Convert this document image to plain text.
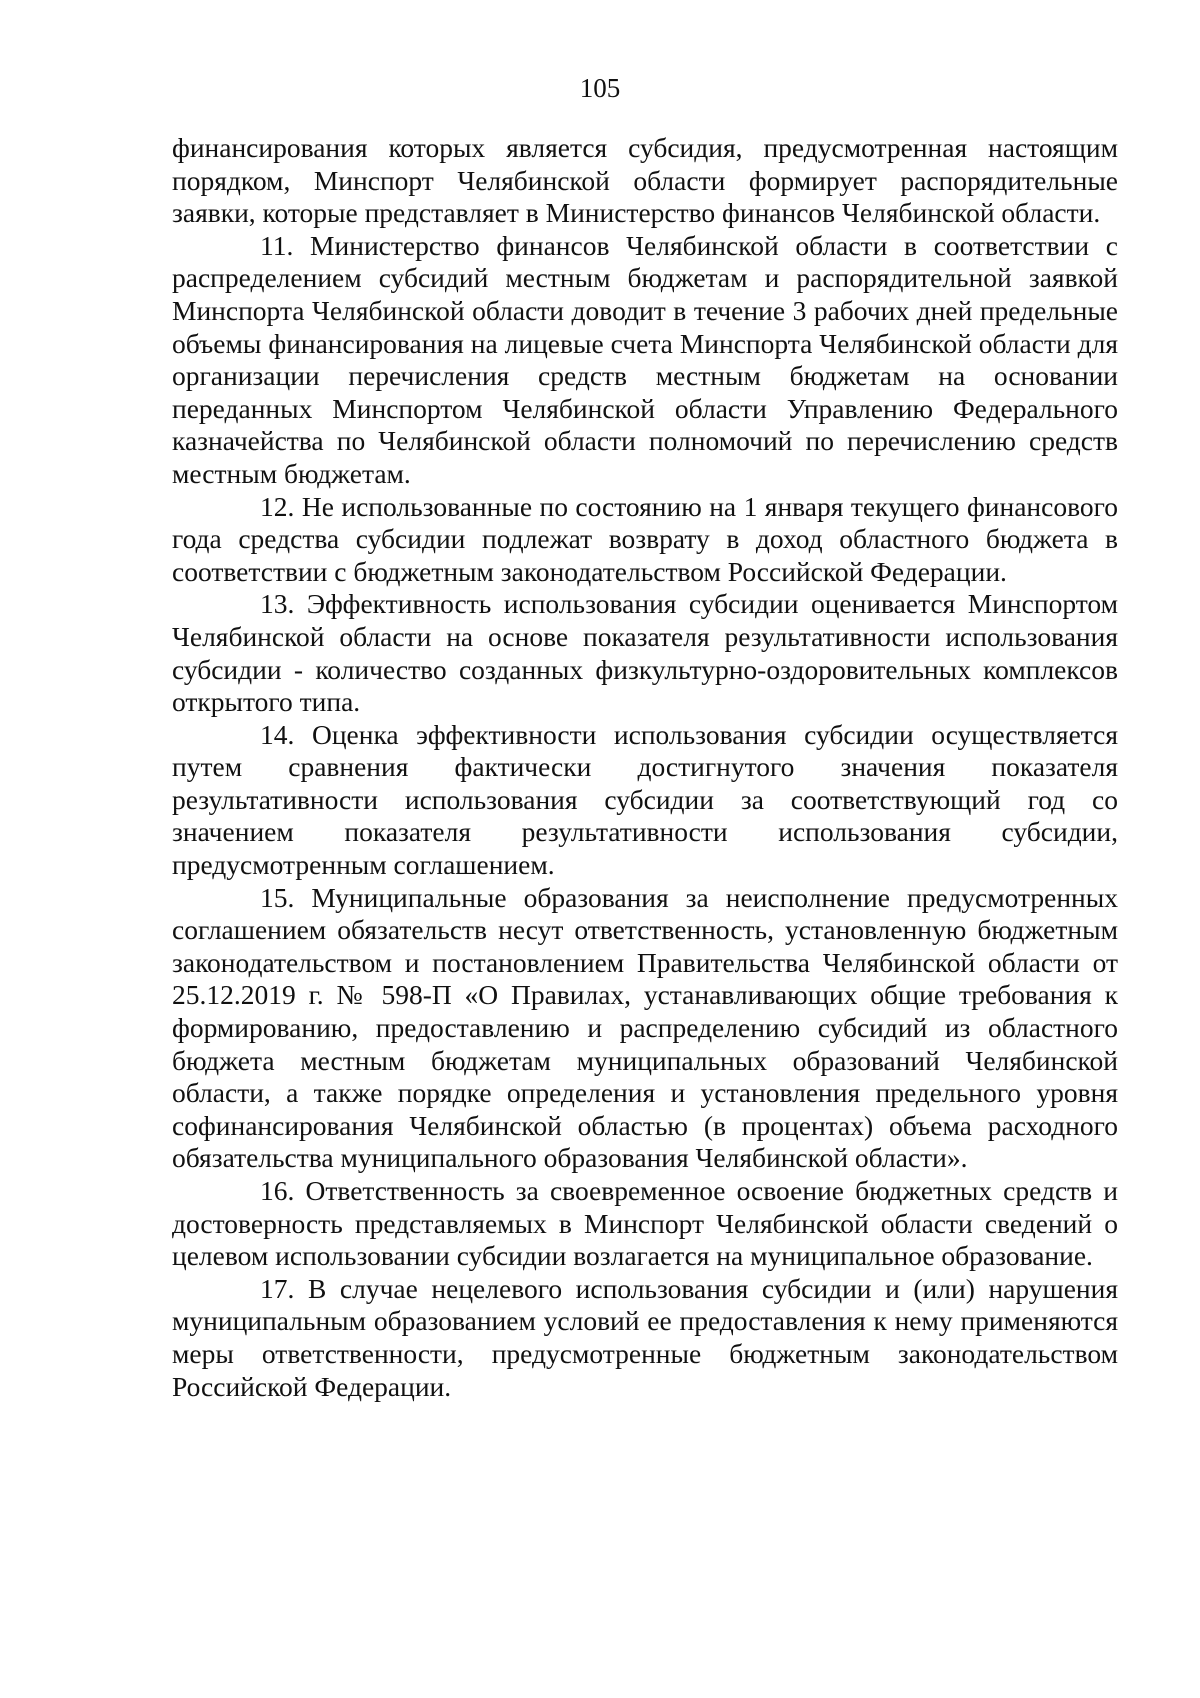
105

финансирования которых является субсидия, предусмотренная настоящим порядком, Минспорт Челябинской области формирует распорядительные заявки, которые представляет в Министерство финансов Челябинской области.

11. Министерство финансов Челябинской области в соответствии с распределением субсидий местным бюджетам и распорядительной заявкой Минспорта Челябинской области доводит в течение 3 рабочих дней предельные объемы финансирования на лицевые счета Минспорта Челябинской области для организации перечисления средств местным бюджетам на основании переданных Минспортом Челябинской области Управлению Федерального казначейства по Челябинской области полномочий по перечислению средств местным бюджетам.

12. Не использованные по состоянию на 1 января текущего финансового года средства субсидии подлежат возврату в доход областного бюджета в соответствии с бюджетным законодательством Российской Федерации.

13. Эффективность использования субсидии оценивается Минспортом Челябинской области на основе показателя результативности использования субсидии - количество созданных физкультурно-оздоровительных комплексов открытого типа.

14. Оценка эффективности использования субсидии осуществляется путем сравнения фактически достигнутого значения показателя результативности использования субсидии за соответствующий год со значением показателя результативности использования субсидии, предусмотренным соглашением.

15. Муниципальные образования за неисполнение предусмотренных соглашением обязательств несут ответственность, установленную бюджетным законодательством и постановлением Правительства Челябинской области от 25.12.2019 г. № 598-П «О Правилах, устанавливающих общие требования к формированию, предоставлению и распределению субсидий из областного бюджета местным бюджетам муниципальных образований Челябинской области, а также порядке определения и установления предельного уровня софинансирования Челябинской областью (в процентах) объема расходного обязательства муниципального образования Челябинской области».

16. Ответственность за своевременное освоение бюджетных средств и достоверность представляемых в Минспорт Челябинской области сведений о целевом использовании субсидии возлагается на муниципальное образование.

17. В случае нецелевого использования субсидии и (или) нарушения муниципальным образованием условий ее предоставления к нему применяются меры ответственности, предусмотренные бюджетным законодательством Российской Федерации.
